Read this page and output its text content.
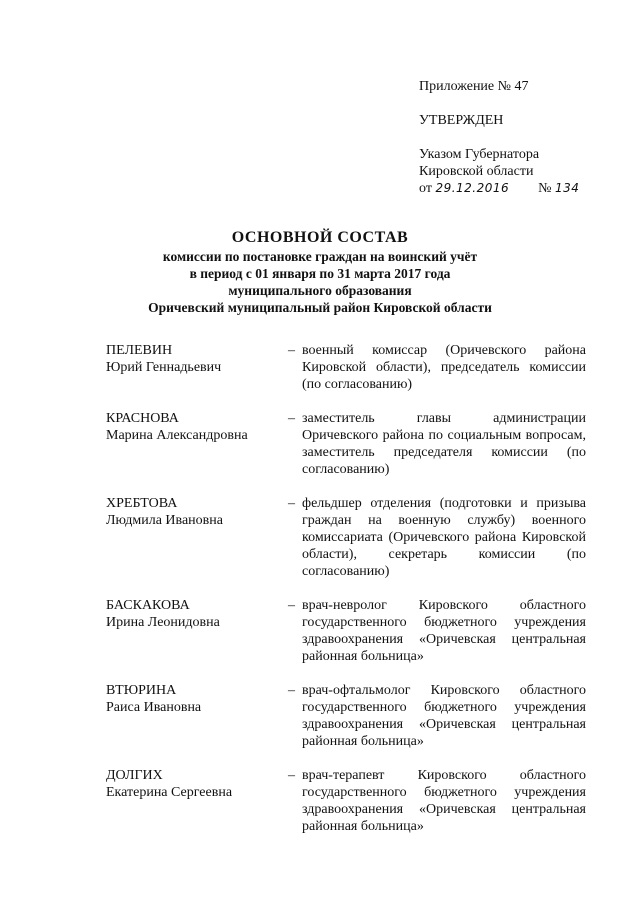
Приложение № 47
УТВЕРЖДЕН
Указом Губернатора
Кировской области
от 29.12.2016 № 134
ОСНОВНОЙ СОСТАВ
комиссии по постановке граждан на воинский учёт
в период с 01 января по 31 марта 2017 года
муниципального образования
Оричевский муниципальный район Кировской области
ПЕЛЕВИН
Юрий Геннадьевич
– военный комиссар (Оричевского района Кировской области), председатель комиссии (по согласованию)
КРАСНОВА
Марина Александровна
– заместитель главы администрации Оричевского района по социальным вопросам, заместитель председателя комиссии (по согласованию)
ХРЕБТОВА
Людмила Ивановна
– фельдшер отделения (подготовки и призыва граждан на военную службу) военного комиссариата (Оричевского района Кировской области), секретарь комиссии (по согласованию)
БАСКАКОВА
Ирина Леонидовна
– врач-невролог Кировского областного государственного бюджетного учреждения здравоохранения «Оричевская центральная районная больница»
ВТЮРИНА
Раиса Ивановна
– врач-офтальмолог Кировского областного государственного бюджетного учреждения здравоохранения «Оричевская центральная районная больница»
ДОЛГИХ
Екатерина Сергеевна
– врач-терапевт Кировского областного государственного бюджетного учреждения здравоохранения «Оричевская центральная районная больница»
